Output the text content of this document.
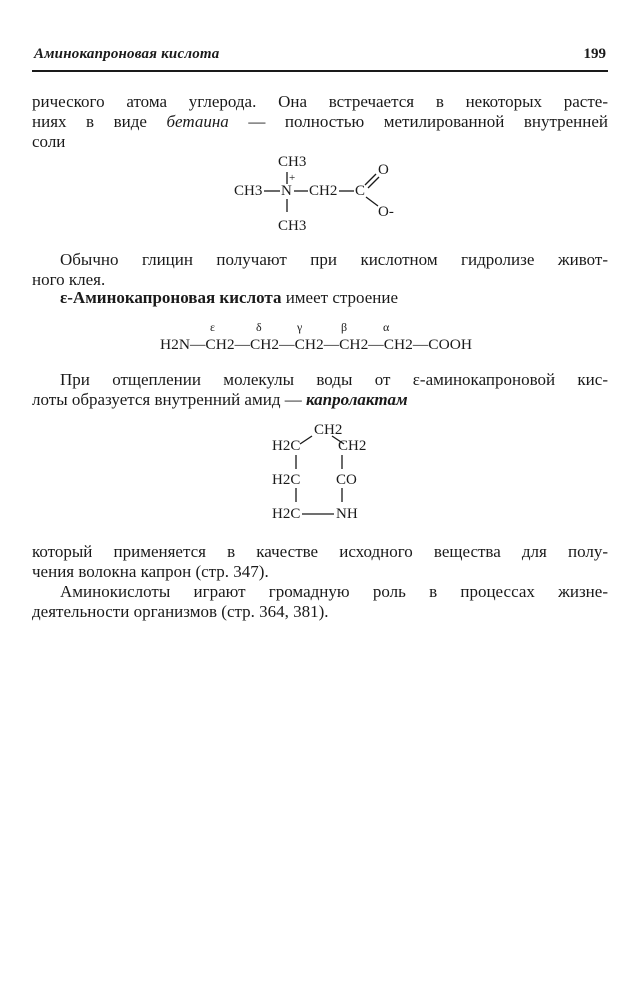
Аминокапроновая кислота	199
рического атома углерода. Она встречается в некоторых расте-
ниях в виде бетаина — полностью метилированной внутренней
соли
CH3
+
CH3 N CH2 C
O
O-
CH3
Обычно глицин получают при кислотном гидролизе живот-
ного клея.
ε-Аминокапроновая кислота имеет строение
ε	δ	γ	β	α
H2N—CH2—CH2—CH2—CH2—CH2—COOH
При отщеплении молекулы воды от ε-аминокапроновой кис-
лоты образуется внутренний амид — капролактам
CH2
H2C	CH2
H2C CO
H2C NH
который применяется в качестве исходного вещества для полу-
чения волокна капрон (стр. 347).
Аминокислоты играют громадную роль в процессах жизне-
деятельности организмов (стр. 364, 381).
